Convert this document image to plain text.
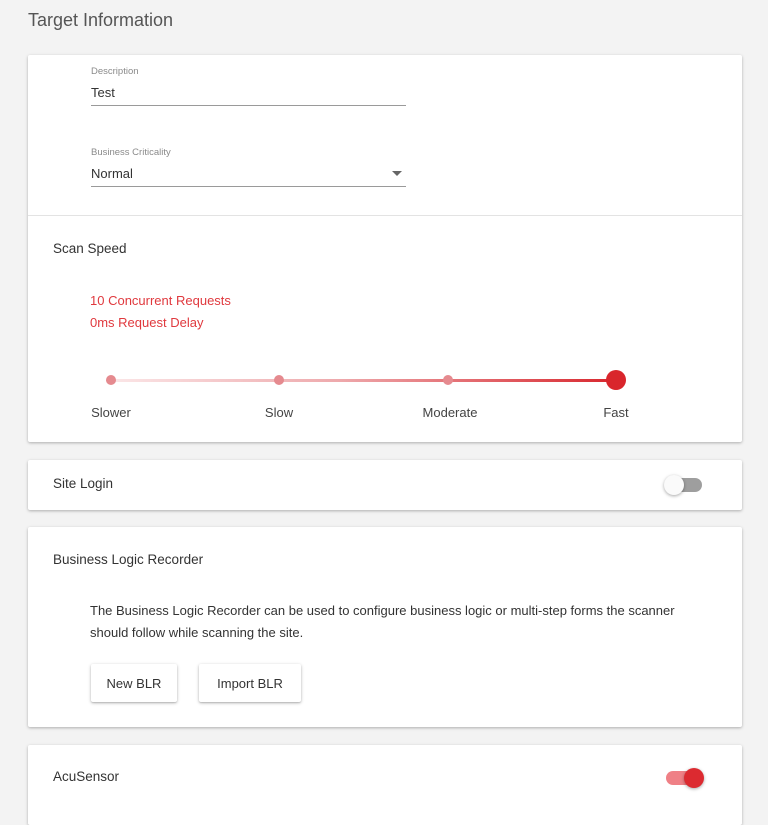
Target Information
Description
Test
Business Criticality
Normal
Scan Speed
10 Concurrent Requests
0ms Request Delay
Slower	Slow	Moderate	Fast
Site Login
Business Logic Recorder
The Business Logic Recorder can be used to configure business logic or multi-step forms the scanner should follow while scanning the site.
New BLR	Import BLR
AcuSensor
